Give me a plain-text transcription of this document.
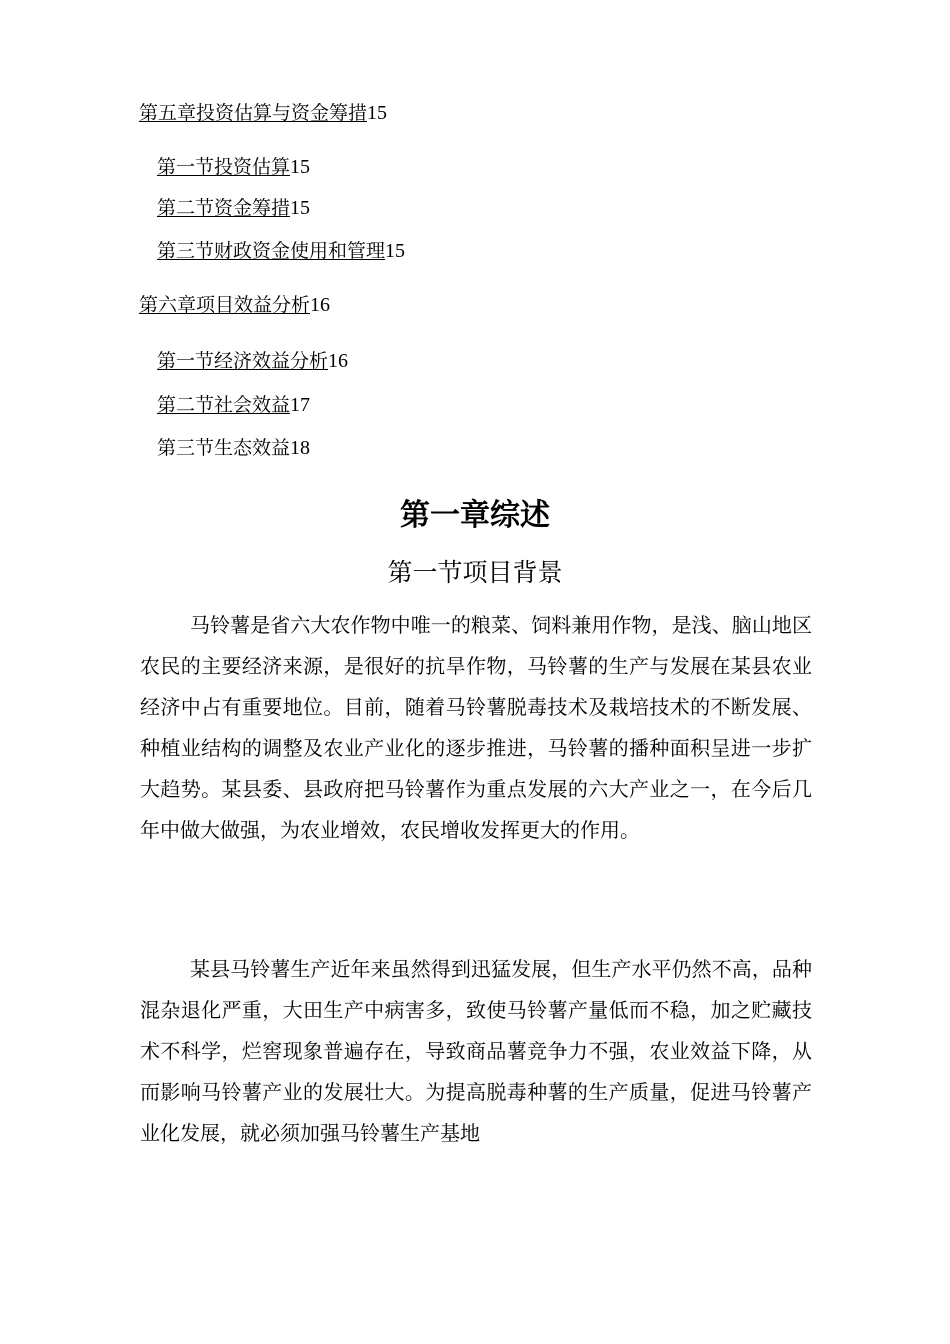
第五章投资估算与资金筹措15
第一节投资估算15
第二节资金筹措15
第三节财政资金使用和管理15
第六章项目效益分析16
第一节经济效益分析16
第二节社会效益17
第三节生态效益18
第一章综述
第一节项目背景

马铃薯是省六大农作物中唯一的粮菜、饲料兼用作物，是浅、脑山地区农民的主要经济来源，是很好的抗旱作物，马铃薯的生产与发展在某县农业经济中占有重要地位。目前，随着马铃薯脱毒技术及栽培技术的不断发展、种植业结构的调整及农业产业化的逐步推进，马铃薯的播种面积呈进一步扩大趋势。某县委、县政府把马铃薯作为重点发展的六大产业之一，在今后几年中做大做强，为农业增效，农民增收发挥更大的作用。

某县马铃薯生产近年来虽然得到迅猛发展，但生产水平仍然不高，品种混杂退化严重，大田生产中病害多，致使马铃薯产量低而不稳，加之贮藏技术不科学，烂窖现象普遍存在，导致商品薯竞争力不强，农业效益下降，从而影响马铃薯产业的发展壮大。为提高脱毒种薯的生产质量，促进马铃薯产业化发展，就必须加强马铃薯生产基地
